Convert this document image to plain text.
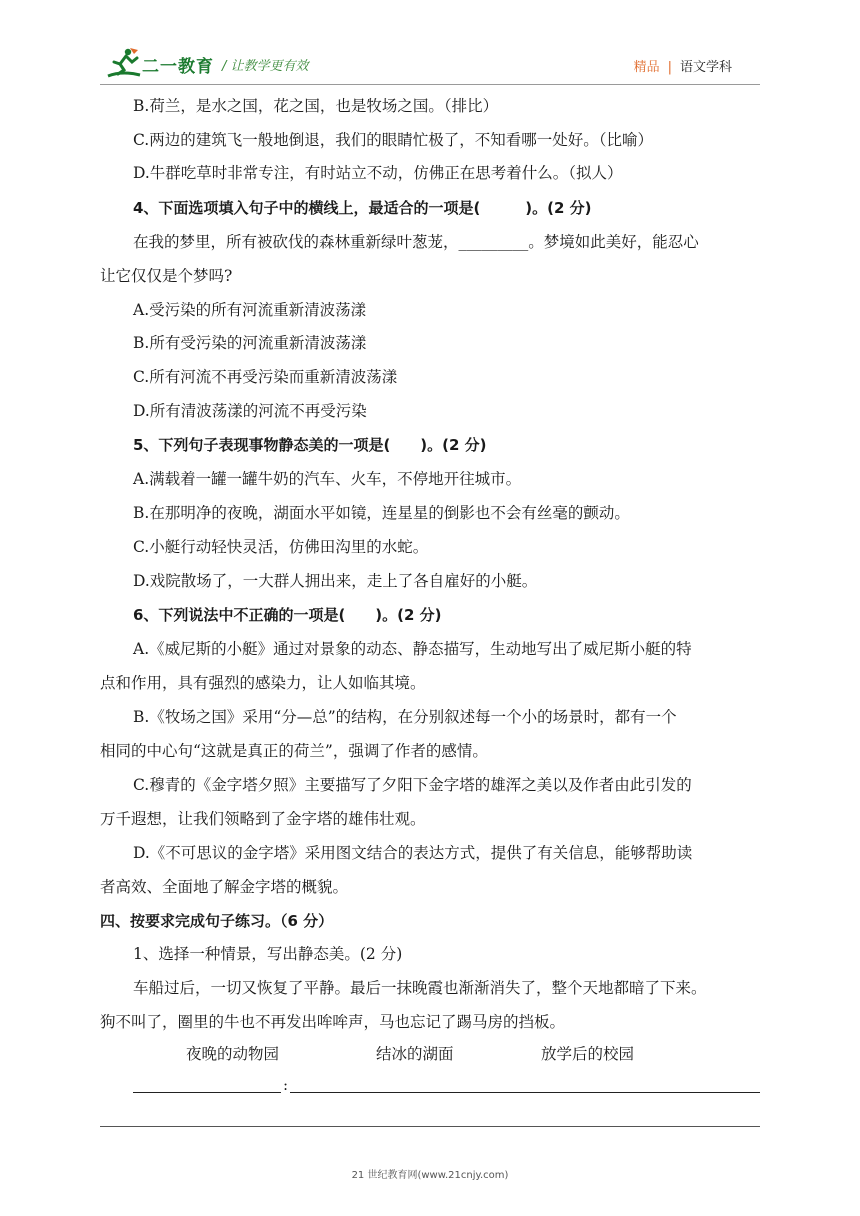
二一教育 / 让教学更有效	精品 | 语文学科
B.荷兰，是水之国，花之国，也是牧场之国。（排比）
C.两边的建筑飞一般地倒退，我们的眼睛忙极了，不知看哪一处好。（比喻）
D.牛群吃草时非常专注，有时站立不动，仿佛正在思考着什么。（拟人）
4、下面选项填入句子中的横线上，最适合的一项是(　　　)。(2 分)
在我的梦里，所有被砍伐的森林重新绿叶葱茏，_________。梦境如此美好，能忍心
让它仅仅是个梦吗?
A.受污染的所有河流重新清波荡漾
B.所有受污染的河流重新清波荡漾
C.所有河流不再受污染而重新清波荡漾
D.所有清波荡漾的河流不再受污染
5、下列句子表现事物静态美的一项是(　　)。(2 分)
A.满载着一罐一罐牛奶的汽车、火车，不停地开往城市。
B.在那明净的夜晚，湖面水平如镜，连星星的倒影也不会有丝毫的颤动。
C.小艇行动轻快灵活，仿佛田沟里的水蛇。
D.戏院散场了，一大群人拥出来，走上了各自雇好的小艇。
6、下列说法中不正确的一项是(　　)。(2 分)
A.《威尼斯的小艇》通过对景象的动态、静态描写，生动地写出了威尼斯小艇的特
点和作用，具有强烈的感染力，让人如临其境。
B.《牧场之国》采用“分—总”的结构，在分别叙述每一个小的场景时，都有一个
相同的中心句“这就是真正的荷兰”，强调了作者的感情。
C.穆青的《金字塔夕照》主要描写了夕阳下金字塔的雄浑之美以及作者由此引发的
万千遐想，让我们领略到了金字塔的雄伟壮观。
D.《不可思议的金字塔》采用图文结合的表达方式，提供了有关信息，能够帮助读
者高效、全面地了解金字塔的概貌。
四、按要求完成句子练习。（6 分）
1、选择一种情景，写出静态美。(2 分)
车船过后，一切又恢复了平静。最后一抹晚霞也渐渐消失了，整个天地都暗了下来。
狗不叫了，圈里的牛也不再发出哞哞声，马也忘记了踢马房的挡板。
夜晚的动物园	结冰的湖面	放学后的校园
:
21 世纪教育网(www.21cnjy.com)
